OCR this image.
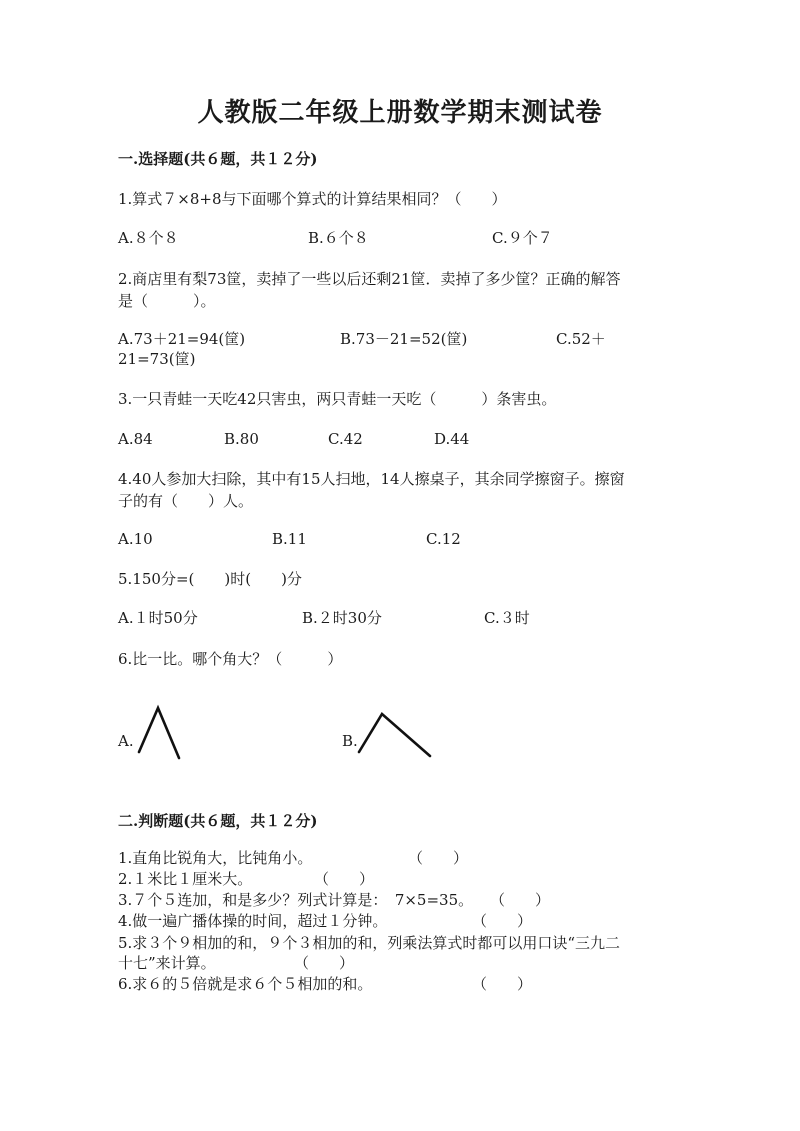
人教版二年级上册数学期末测试卷
一.选择题(共６题，共１２分)
1.算式７×8+8与下面哪个算式的计算结果相同？（　　）
A.８个８	B.６个８	C.９个７
2.商店里有梨73筐，卖掉了一些以后还剩21筐．卖掉了多少筐？正确的解答
是（　　　）。
A.73＋21=94(筐)	B.73－21=52(筐)	C.52＋
21=73(筐)
3.一只青蛙一天吃42只害虫，两只青蛙一天吃（　　　）条害虫。
A.84	B.80	C.42	D.44
4.40人参加大扫除，其中有15人扫地，14人擦桌子，其余同学擦窗子。擦窗
子的有（　　）人。
A.10	B.11	C.12
5.150分=(　　)时(　　)分
A.１时50分	B.２时30分	C.３时
6.比一比。哪个角大？（　　　）
A.	B.
二.判断题(共６题，共１２分)
1.直角比锐角大，比钝角小。	（　　）
2.１米比１厘米大。	（　　）
3.７个５连加，和是多少？列式计算是：　7×5=35。 （　　）
4.做一遍广播体操的时间，超过１分钟。	（　　）
5.求３个９相加的和，９个３相加的和，列乘法算式时都可以用口诀“三九二
十七”来计算。	（　　）
6.求６的５倍就是求６个５相加的和。	（　　）
